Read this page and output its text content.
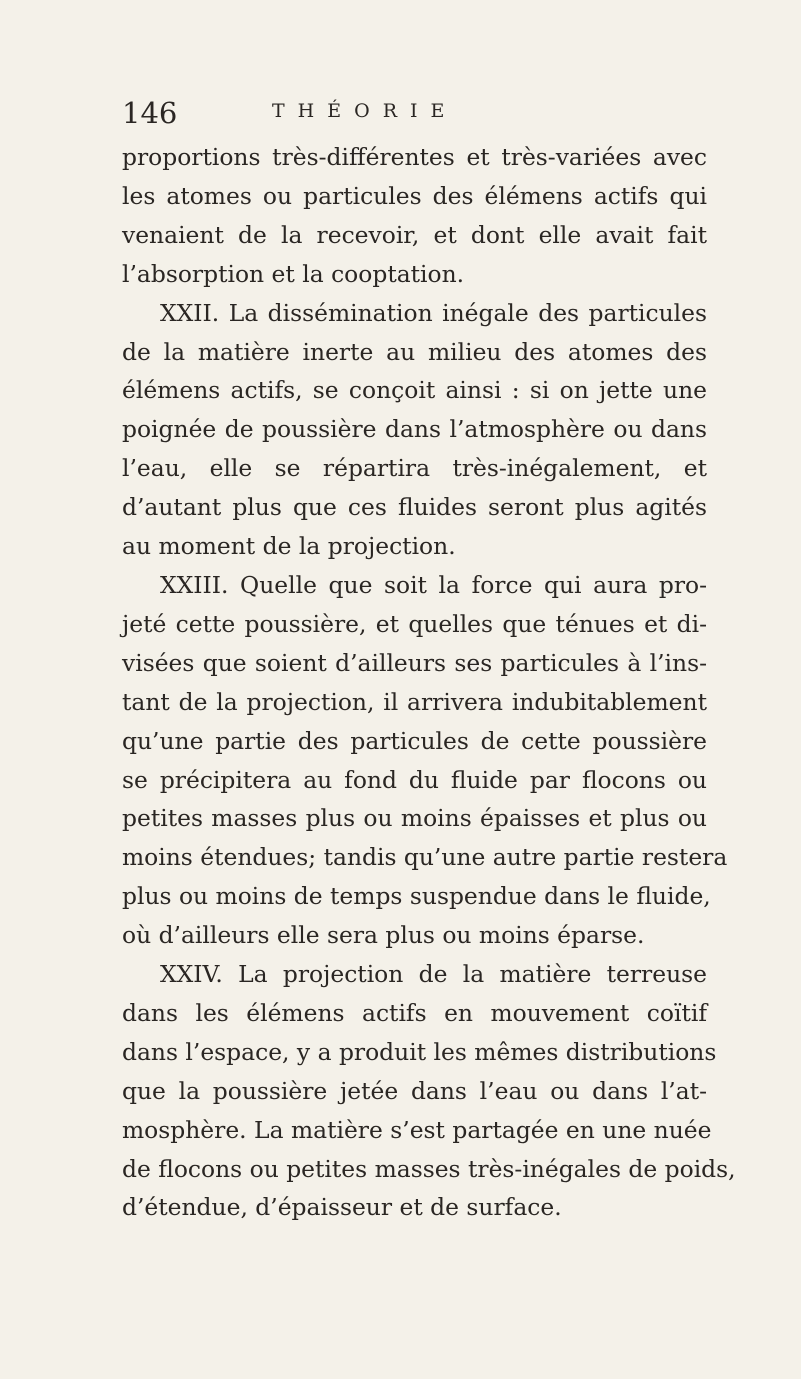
146	THÉORIE
proportions très-différentes et très-variées avec
les atomes ou particules des élémens actifs qui
venaient de la recevoir, et dont elle avait fait
l’absorption et la cooptation.
XXII. La dissémination inégale des particules
de la matière inerte au milieu des atomes des
élémens actifs, se conçoit ainsi : si on jette une
poignée de poussière dans l’atmosphère ou dans
l’eau, elle se répartira très-inégalement, et
d’autant plus que ces fluides seront plus agités
au moment de la projection.
XXIII. Quelle que soit la force qui aura pro-
jeté cette poussière, et quelles que ténues et di-
visées que soient d’ailleurs ses particules à l’ins-
tant de la projection, il arrivera indubitablement
qu’une partie des particules de cette poussière
se précipitera au fond du fluide par flocons ou
petites masses plus ou moins épaisses et plus ou
moins étendues; tandis qu’une autre partie restera
plus ou moins de temps suspendue dans le fluide,
où d’ailleurs elle sera plus ou moins éparse.
XXIV. La projection de la matière terreuse
dans les élémens actifs en mouvement coïtif
dans l’espace, y a produit les mêmes distributions
que la poussière jetée dans l’eau ou dans l’at-
mosphère. La matière s’est partagée en une nuée
de flocons ou petites masses très-inégales de poids,
d’étendue, d’épaisseur et de surface.
